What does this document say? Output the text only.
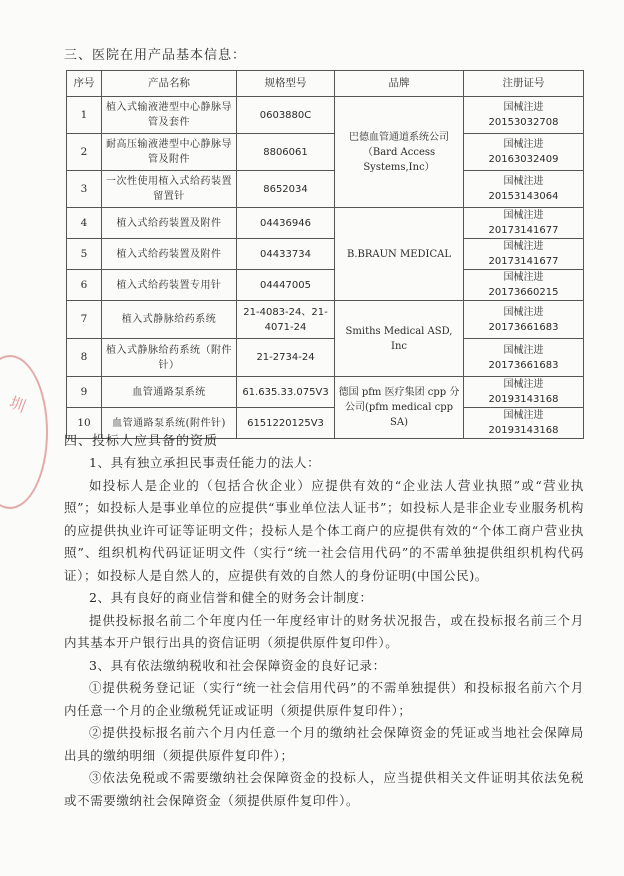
圳
三、医院在用产品基本信息：
序号	产品名称	规格型号	品牌	注册证号
1	植入式输液港型中心静脉导管及套件	0603880C	巴德血管通道系统公司（Bard Access Systems,Inc）	国械注进 20153032708
2	耐高压输液港型中心静脉导管及附件	8806061		国械注进 20163032409
3	一次性使用植入式给药装置留置针	8652034		国械注进 20153143064
4	植入式给药装置及附件	04436946	B.BRAUN MEDICAL	国械注进 20173141677
5	植入式给药装置及附件	04433734		国械注进 20173141677
6	植入式给药装置专用针	04447005		国械注进 20173660215
7	植入式静脉给药系统	21-4083-24、21-4071-24	Smiths Medical ASD, Inc	国械注进 20173661683
8	植入式静脉给药系统（附件针）	21-2734-24		国械注进 20173661683
9	血管通路泵系统	61.635.33.075V3	德国 pfm 医疗集团 cpp 分公司(pfm medical cpp SA)	国械注进 20193143168
10	血管通路泵系统(附件针)	6151220125V3		国械注进 20193143168
四、投标人应具备的资质

1、具有独立承担民事责任能力的法人：

如投标人是企业的（包括合伙企业）应提供有效的“企业法人营业执照”或“营业执照”；如投标人是事业单位的应提供“事业单位法人证书”；如投标人是非企业专业服务机构的应提供执业许可证等证明文件；投标人是个体工商户的应提供有效的“个体工商户营业执照”、组织机构代码证证明文件（实行“统一社会信用代码”的不需单独提供组织机构代码证）；如投标人是自然人的，应提供有效的自然人的身份证明(中国公民)。

2、具有良好的商业信誉和健全的财务会计制度：

提供投标报名前二个年度内任一年度经审计的财务状况报告，或在投标报名前三个月内其基本开户银行出具的资信证明（须提供原件复印件）。

3、具有依法缴纳税收和社会保障资金的良好记录：

①提供税务登记证（实行“统一社会信用代码”的不需单独提供）和投标报名前六个月内任意一个月的企业缴税凭证或证明（须提供原件复印件）；

②提供投标报名前六个月内任意一个月的缴纳社会保障资金的凭证或当地社会保障局出具的缴纳明细（须提供原件复印件）；

③依法免税或不需要缴纳社会保障资金的投标人，应当提供相关文件证明其依法免税或不需要缴纳社会保障资金（须提供原件复印件）。
